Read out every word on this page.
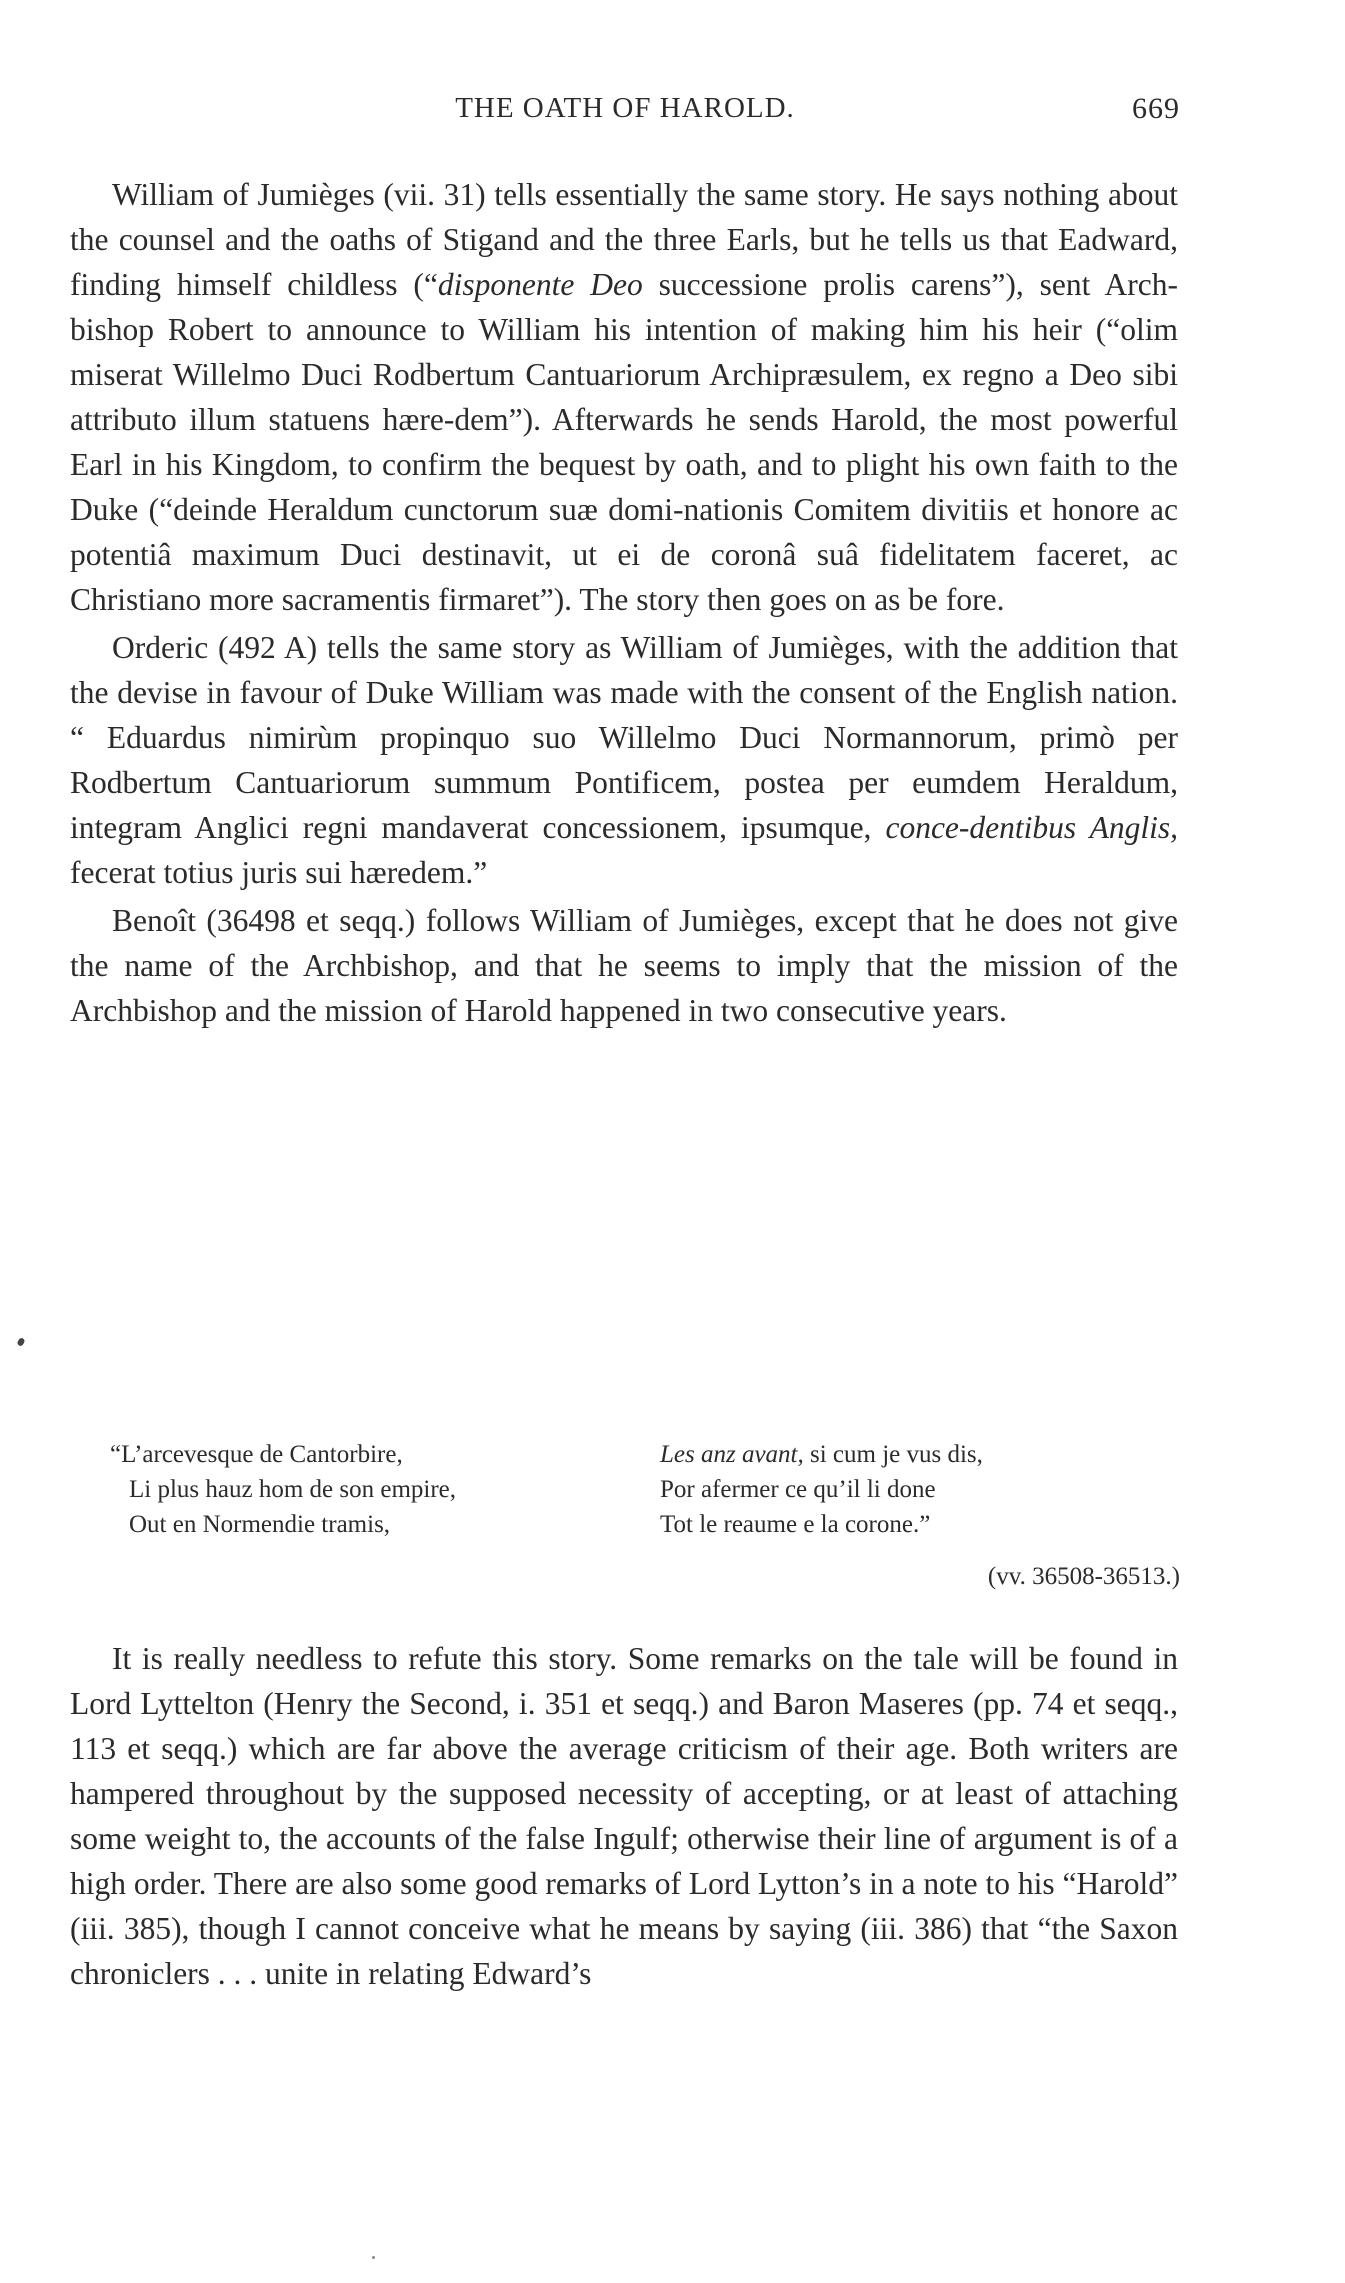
THE OATH OF HAROLD.	669

William of Jumièges (vii. 31) tells essentially the same story. He says nothing about the counsel and the oaths of Stigand and the three Earls, but he tells us that Eadward, finding himself childless (“disponente Deo successione prolis carens”), sent Arch-bishop Robert to announce to William his intention of making him his heir (“olim miserat Willelmo Duci Rodbertum Cantuariorum Archipræsulem, ex regno a Deo sibi attributo illum statuens hære-dem”). Afterwards he sends Harold, the most powerful Earl in his Kingdom, to confirm the bequest by oath, and to plight his own faith to the Duke (“deinde Heraldum cunctorum suæ domi-nationis Comitem divitiis et honore ac potentiâ maximum Duci destinavit, ut ei de coronâ suâ fidelitatem faceret, ac Christiano more sacramentis firmaret”). The story then goes on as be fore.

Orderic (492 A) tells the same story as William of Jumièges, with the addition that the devise in favour of Duke William was made with the consent of the English nation. “ Eduardus nimirùm propinquo suo Willelmo Duci Normannorum, primò per Rodbertum Cantuariorum summum Pontificem, postea per eumdem Heraldum, integram Anglici regni mandaverat concessionem, ipsumque, conce-dentibus Anglis, fecerat totius juris sui hæredem.”

Benoît (36498 et seqq.) follows William of Jumièges, except that he does not give the name of the Archbishop, and that he seems to imply that the mission of the Archbishop and the mission of Harold happened in two consecutive years.

“L’arcevesque de Cantorbire,
Li plus hauz hom de son empire,
Out en Normendie tramis,
Les anz avant, si cum je vus dis,
Por afermer ce qu’il li done
Tot le reaume e la corone.”
(vv. 36508-36513.)

It is really needless to refute this story. Some remarks on the tale will be found in Lord Lyttelton (Henry the Second, i. 351 et seqq.) and Baron Maseres (pp. 74 et seqq., 113 et seqq.) which are far above the average criticism of their age. Both writers are hampered throughout by the supposed necessity of accepting, or at least of attaching some weight to, the accounts of the false Ingulf; otherwise their line of argument is of a high order. There are also some good remarks of Lord Lytton’s in a note to his “Harold” (iii. 385), though I cannot conceive what he means by saying (iii. 386) that “the Saxon chroniclers . . . unite in relating Edward’s
